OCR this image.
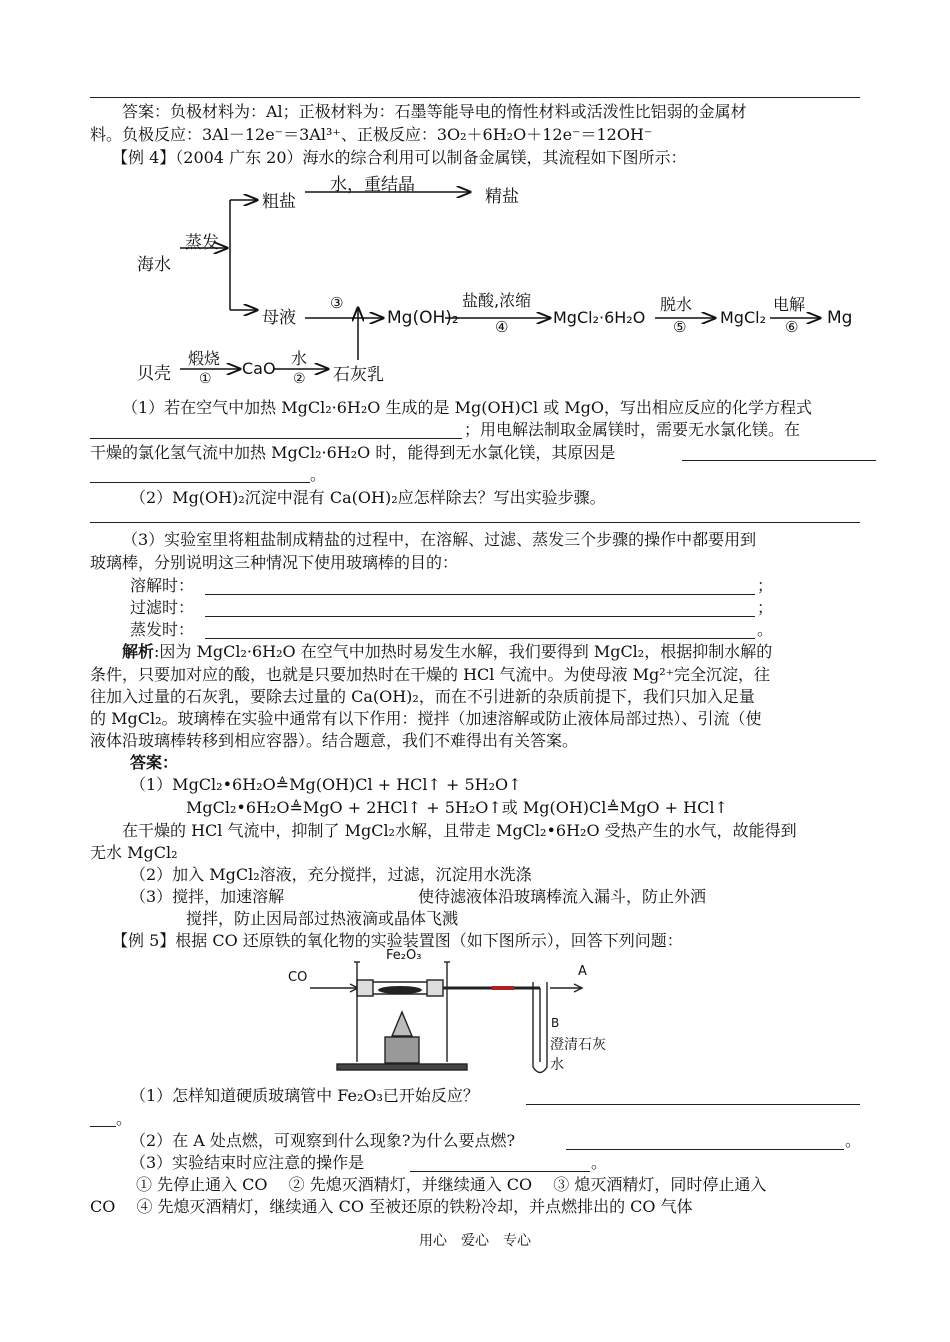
答案：负极材料为：Al；正极材料为：石墨等能导电的惰性材料或活泼性比铝弱的金属材
料。负极反应：3Al－12e⁻＝3Al³⁺、正极反应：3O₂＋6H₂O＋12e⁻＝12OH⁻
【例 4】（2004 广东 20）海水的综合利用可以制备金属镁，其流程如下图所示：
海水
蒸发
粗盐
水，重结晶
精盐
母液
③
Mg(OH)₂
盐酸,浓缩
④	MgCl₂·6H₂O
脱水
⑤ MgCl₂
电解
⑥ Mg
贝壳
煅烧
①
CaO
水
② 石灰乳
（1）若在空气中加热 MgCl₂·6H₂O 生成的是 Mg(OH)Cl 或 MgO，写出相应反应的化学方程式
；用电解法制取金属镁时，需要无水氯化镁。在
干燥的氯化氢气流中加热 MgCl₂·6H₂O 时，能得到无水氯化镁，其原因是
。
（2）Mg(OH)₂沉淀中混有 Ca(OH)₂应怎样除去？写出实验步骤。
（3）实验室里将粗盐制成精盐的过程中，在溶解、过滤、蒸发三个步骤的操作中都要用到
玻璃棒，分别说明这三种情况下使用玻璃棒的目的：
溶解时：	；
过滤时：	；
蒸发时：	。
解析:因为 MgCl₂·6H₂O 在空气中加热时易发生水解，我们要得到 MgCl₂，根据抑制水解的
条件，只要加对应的酸，也就是只要加热时在干燥的 HCl 气流中。为使母液 Mg²⁺完全沉淀，往
往加入过量的石灰乳，要除去过量的 Ca(OH)₂，而在不引进新的杂质前提下，我们只加入足量
的 MgCl₂。玻璃棒在实验中通常有以下作用：搅拌（加速溶解或防止液体局部过热）、引流（使
液体沿玻璃棒转移到相应容器）。结合题意，我们不难得出有关答案。
答案：
（1）MgCl₂•6H₂O≜Mg(OH)Cl + HCl↑ + 5H₂O↑
MgCl₂•6H₂O≜MgO + 2HCl↑ + 5H₂O↑或 Mg(OH)Cl≜MgO + HCl↑
在干燥的 HCl 气流中，抑制了 MgCl₂水解，且带走 MgCl₂•6H₂O 受热产生的水气，故能得到
无水 MgCl₂
（2）加入 MgCl₂溶液，充分搅拌，过滤，沉淀用水洗涤
（3）搅拌，加速溶解	使待滤液体沿玻璃棒流入漏斗，防止外洒
搅拌，防止因局部过热液滴或晶体飞溅
【例 5】根据 CO 还原铁的氧化物的实验装置图（如下图所示），回答下列问题：
CO
Fe₂O₃
A
B
澄清石灰水
（1）怎样知道硬质玻璃管中 Fe₂O₃已开始反应？
。
（2）在 A 处点燃，可观察到什么现象?为什么要点燃?	。
（3）实验结束时应注意的操作是	。
① 先停止通入 CO　 ② 先熄灭酒精灯，并继续通入 CO　 ③ 熄灭酒精灯，同时停止通入
CO　 ④ 先熄灭酒精灯，继续通入 CO 至被还原的铁粉冷却，并点燃排出的 CO 气体
用心　爱心　专心
